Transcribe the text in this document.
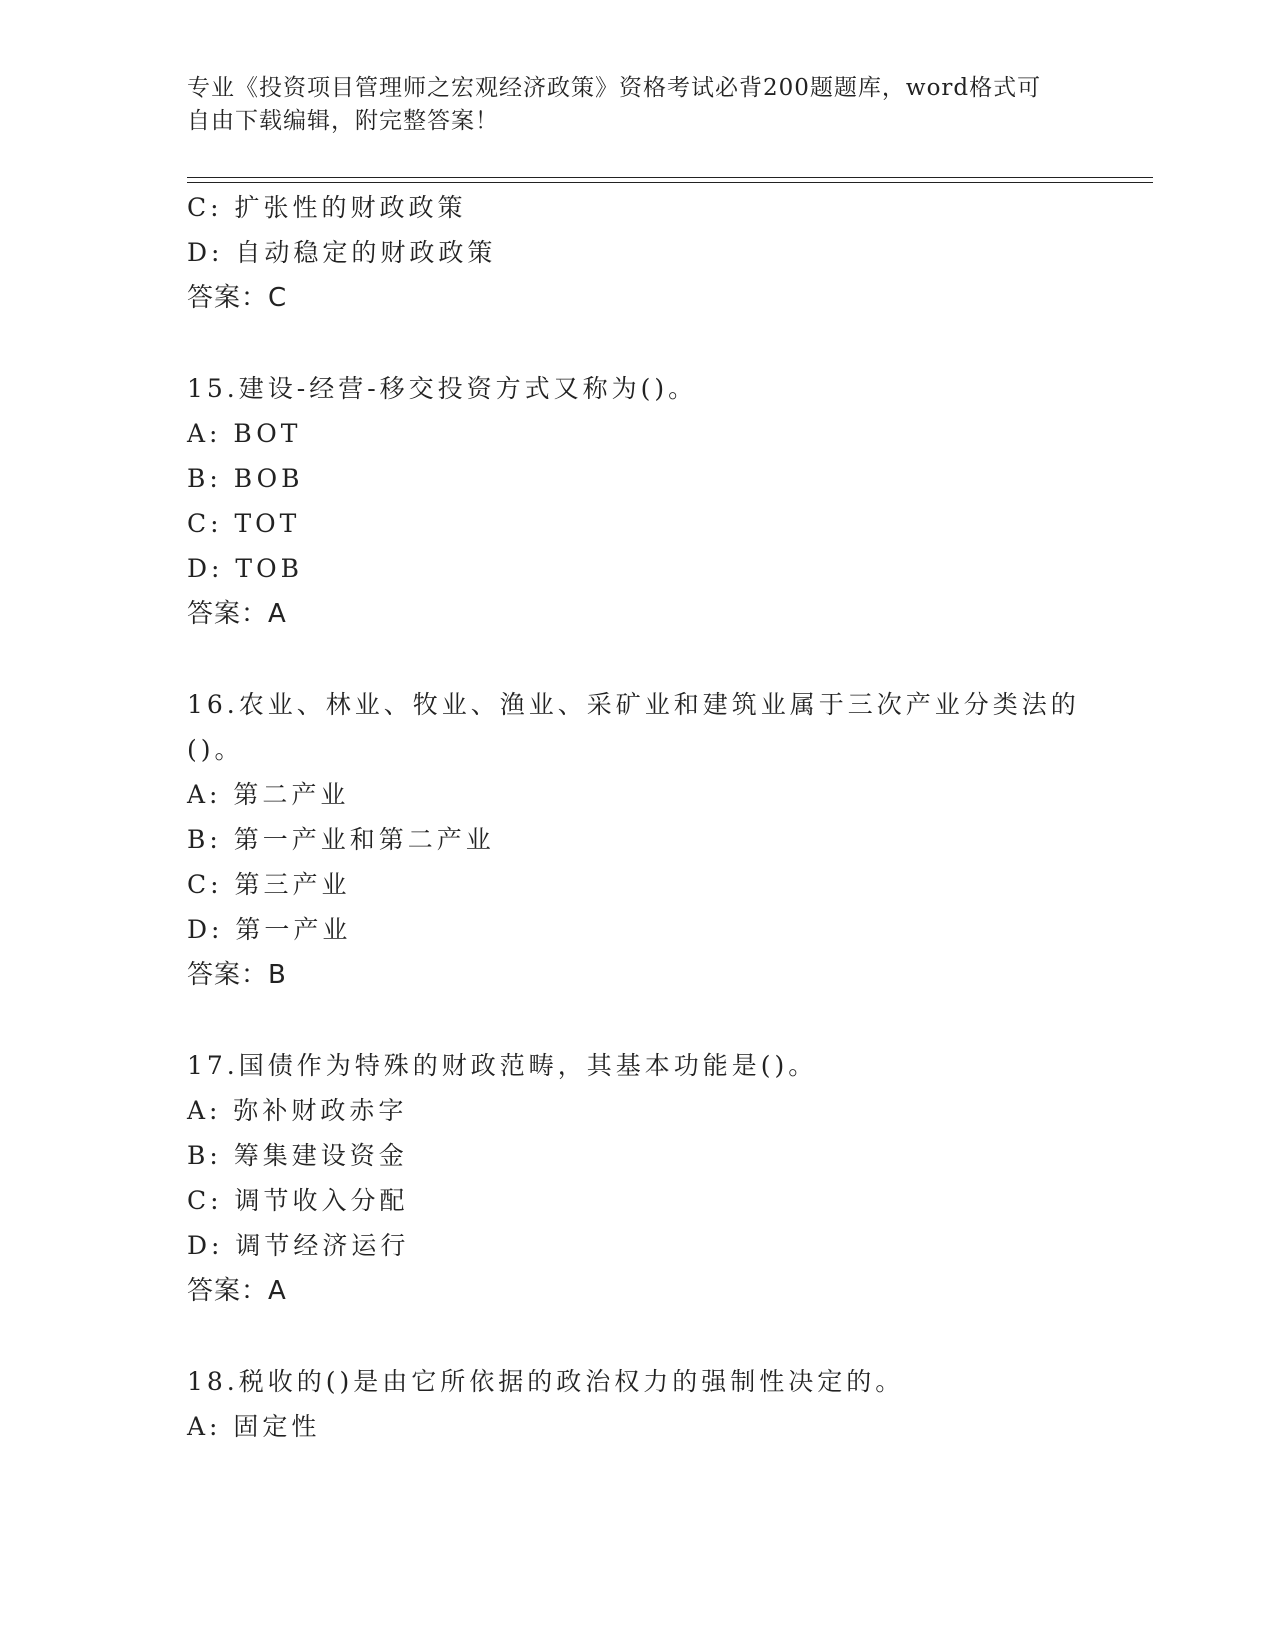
专业《投资项目管理师之宏观经济政策》资格考试必背200题题库，word格式可
自由下载编辑，附完整答案！
C: 扩张性的财政政策
D: 自动稳定的财政政策
答案：C
15.建设-经营-移交投资方式又称为()。
A: BOT
B: BOB
C: TOT
D: TOB
答案：A
16.农业、林业、牧业、渔业、采矿业和建筑业属于三次产业分类法的
()。
A: 第二产业
B: 第一产业和第二产业
C: 第三产业
D: 第一产业
答案：B
17.国债作为特殊的财政范畴，其基本功能是()。
A: 弥补财政赤字
B: 筹集建设资金
C: 调节收入分配
D: 调节经济运行
答案：A
18.税收的()是由它所依据的政治权力的强制性决定的。
A: 固定性
